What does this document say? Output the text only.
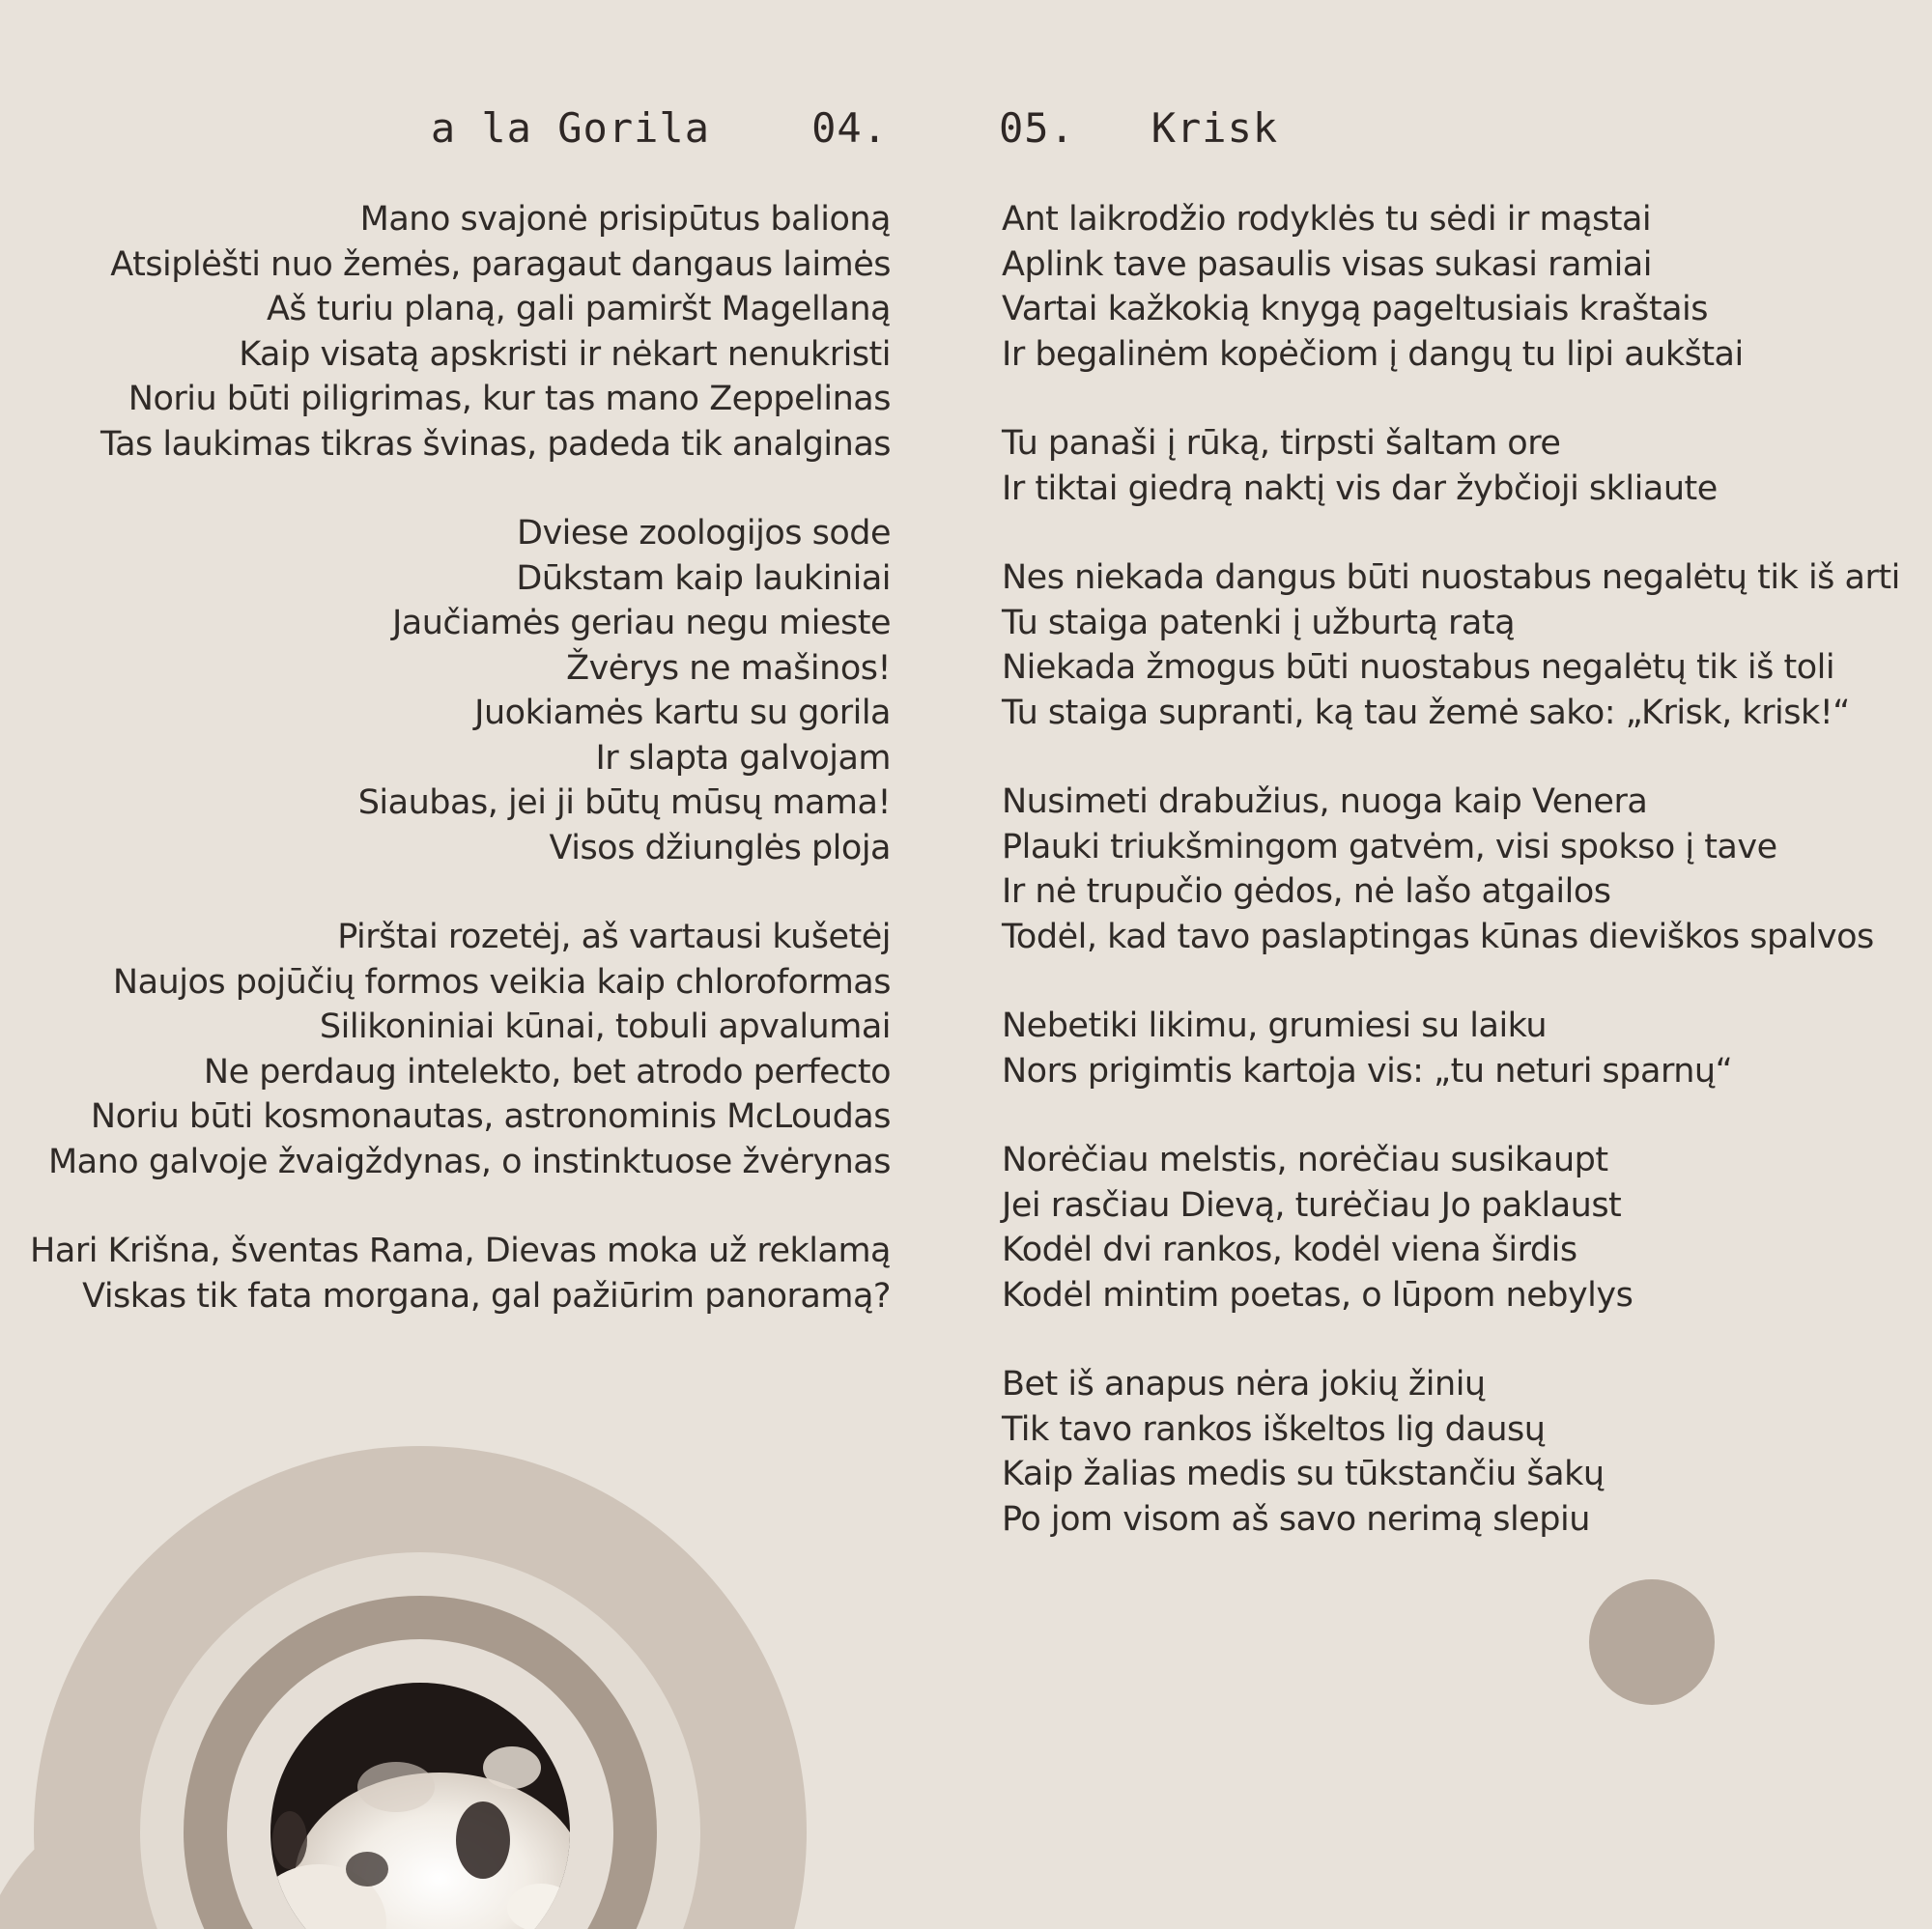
a la Gorila	04.
Mano svajonė prisipūtus balioną
Atsiplėšti nuo žemės, paragaut dangaus laimės
Aš turiu planą, gali pamiršt Magellaną
Kaip visatą apskristi ir nėkart nenukristi
Noriu būti piligrimas, kur tas mano Zeppelinas
Tas laukimas tikras švinas, padeda tik analginas
Dviese zoologijos sode
Dūkstam kaip laukiniai
Jaučiamės geriau negu mieste
Žvėrys ne mašinos!
Juokiamės kartu su gorila
Ir slapta galvojam
Siaubas, jei ji būtų mūsų mama!
Visos džiunglės ploja
Pirštai rozetėj, aš vartausi kušetėj
Naujos pojūčių formos veikia kaip chloroformas
Silikoniniai kūnai, tobuli apvalumai
Ne perdaug intelekto, bet atrodo perfecto
Noriu būti kosmonautas, astronominis McLoudas
Mano galvoje žvaigždynas, o instinktuose žvėrynas
Hari Krišna, šventas Rama, Dievas moka už reklamą
Viskas tik fata morgana, gal pažiūrim panoramą?
05. Krisk
Ant laikrodžio rodyklės tu sėdi ir mąstai
Aplink tave pasaulis visas sukasi ramiai
Vartai kažkokią knygą pageltusiais kraštais
Ir begalinėm kopėčiom į dangų tu lipi aukštai
Tu panaši į rūką, tirpsti šaltam ore
Ir tiktai giedrą naktį vis dar žybčioji skliaute
Nes niekada dangus būti nuostabus negalėtų tik iš arti
Tu staiga patenki į užburtą ratą
Niekada žmogus būti nuostabus negalėtų tik iš toli
Tu staiga supranti, ką tau žemė sako: „Krisk, krisk!“
Nusimeti drabužius, nuoga kaip Venera
Plauki triukšmingom gatvėm, visi spokso į tave
Ir nė trupučio gėdos, nė lašo atgailos
Todėl, kad tavo paslaptingas kūnas dieviškos spalvos
Nebetiki likimu, grumiesi su laiku
Nors prigimtis kartoja vis: „tu neturi sparnų“
Norėčiau melstis, norėčiau susikaupt
Jei rasčiau Dievą, turėčiau Jo paklaust
Kodėl dvi rankos, kodėl viena širdis
Kodėl mintim poetas, o lūpom nebylys
Bet iš anapus nėra jokių žinių
Tik tavo rankos iškeltos lig dausų
Kaip žalias medis su tūkstančiu šakų
Po jom visom aš savo nerimą slepiu
